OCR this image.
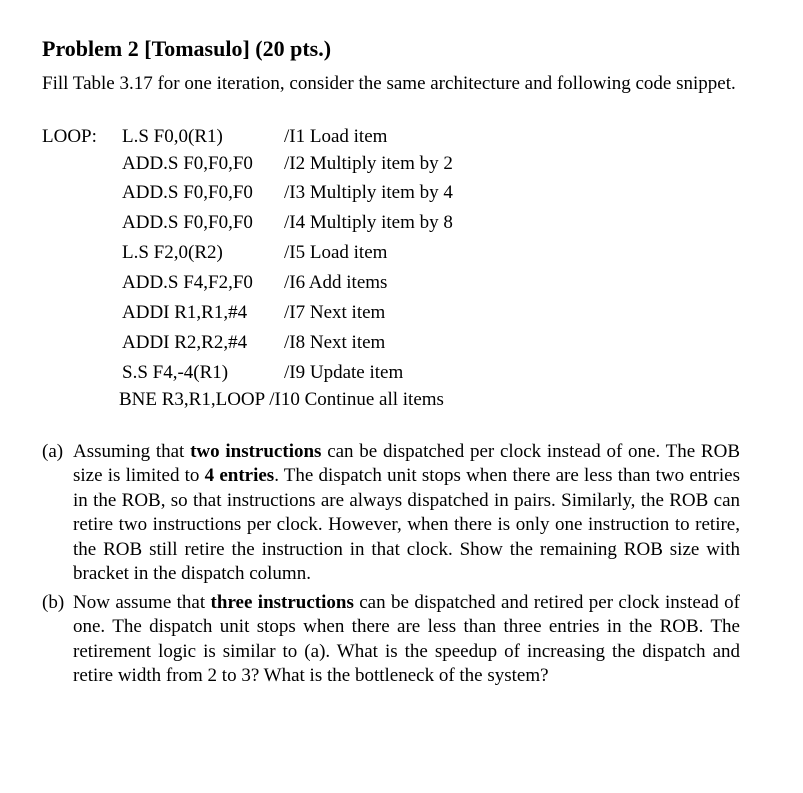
Problem 2 [Tomasulo] (20 pts.)
Fill Table 3.17 for one iteration, consider the same architecture and following code snippet.
LOOP: L.S F0,0(R1)	/I1 Load item
ADD.S F0,F0,F0 /I2 Multiply item by 2
ADD.S F0,F0,F0 /I3 Multiply item by 4
ADD.S F0,F0,F0 /I4 Multiply item by 8
L.S F2,0(R2)	/I5 Load item
ADD.S F4,F2,F0 /I6 Add items
ADDI R1,R1,#4 /I7 Next item
ADDI R2,R2,#4 /I8 Next item
S.S F4,-4(R1)	/I9 Update item
BNE R3,R1,LOOP /I10 Continue all items
(a) Assuming that two instructions can be dispatched per clock instead of one. The ROB size is limited to 4 entries. The dispatch unit stops when there are less than two entries in the ROB, so that instructions are always dispatched in pairs. Similarly, the ROB can retire two instructions per clock. However, when there is only one instruction to retire, the ROB still retire the instruction in that clock. Show the remaining ROB size with bracket in the dispatch column.
(b) Now assume that three instructions can be dispatched and retired per clock instead of one. The dispatch unit stops when there are less than three entries in the ROB. The retirement logic is similar to (a). What is the speedup of increasing the dispatch and retire width from 2 to 3? What is the bottleneck of the system?
